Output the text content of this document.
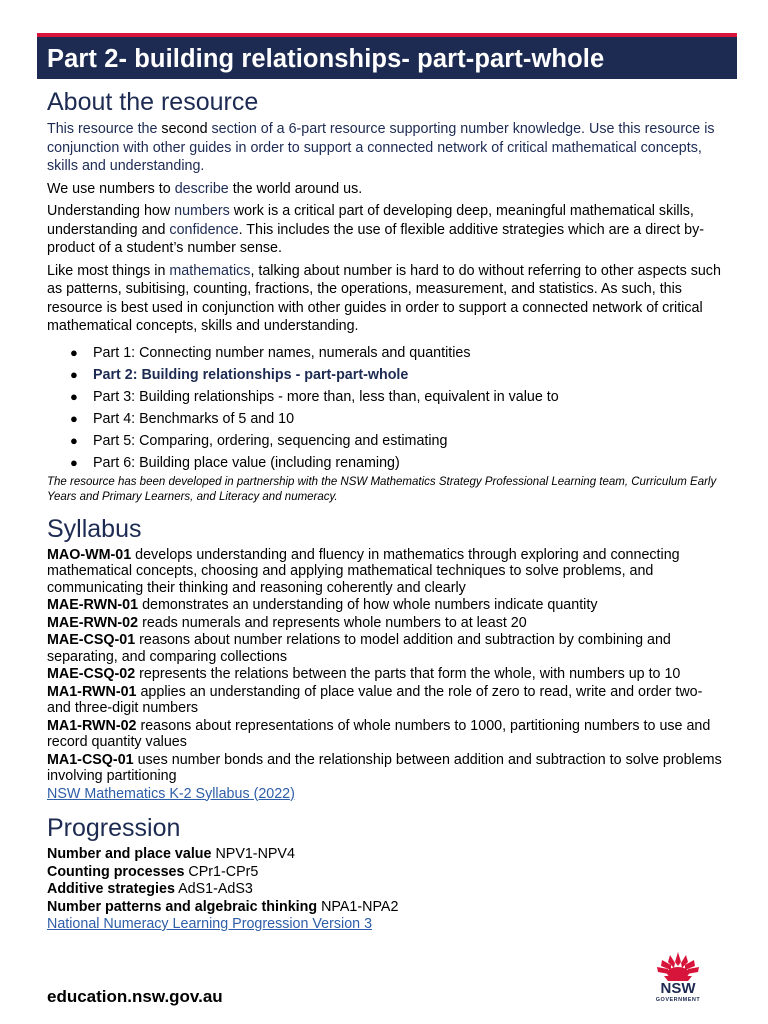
Part 2- building relationships- part-part-whole
About the resource

This resource the second section of a 6-part resource supporting number knowledge. Use this resource is conjunction with other guides in order to support a connected network of critical mathematical concepts, skills and understanding.

We use numbers to describe the world around us.

Understanding how numbers work is a critical part of developing deep, meaningful mathematical skills, understanding and confidence. This includes the use of flexible additive strategies which are a direct by-product of a student’s number sense.

Like most things in mathematics, talking about number is hard to do without referring to other aspects such as patterns, subitising, counting, fractions, the operations, measurement, and statistics. As such, this resource is best used in conjunction with other guides in order to support a connected network of critical mathematical concepts, skills and understanding.

● Part 1: Connecting number names, numerals and quantities
● Part 2: Building relationships - part-part-whole
● Part 3: Building relationships - more than, less than, equivalent in value to
● Part 4: Benchmarks of 5 and 10
● Part 5: Comparing, ordering, sequencing and estimating
● Part 6: Building place value (including renaming)

The resource has been developed in partnership with the NSW Mathematics Strategy Professional Learning team, Curriculum Early Years and Primary Learners, and Literacy and numeracy.

Syllabus

MAO-WM-01 develops understanding and fluency in mathematics through exploring and connecting mathematical concepts, choosing and applying mathematical techniques to solve problems, and communicating their thinking and reasoning coherently and clearly

MAE-RWN-01 demonstrates an understanding of how whole numbers indicate quantity

MAE-RWN-02 reads numerals and represents whole numbers to at least 20

MAE-CSQ-01 reasons about number relations to model addition and subtraction by combining and separating, and comparing collections

MAE-CSQ-02 represents the relations between the parts that form the whole, with numbers up to 10

MA1-RWN-01 applies an understanding of place value and the role of zero to read, write and order two- and three-digit numbers

MA1-RWN-02 reasons about representations of whole numbers to 1000, partitioning numbers to use and record quantity values

MA1-CSQ-01 uses number bonds and the relationship between addition and subtraction to solve problems involving partitioning

NSW Mathematics K-2 Syllabus (2022)

Progression

Number and place value NPV1-NPV4

Counting processes CPr1-CPr5

Additive strategies AdS1-AdS3

Number patterns and algebraic thinking NPA1-NPA2

National Numeracy Learning Progression Version 3

education.nsw.gov.au	NSW
GOVERNMENT
